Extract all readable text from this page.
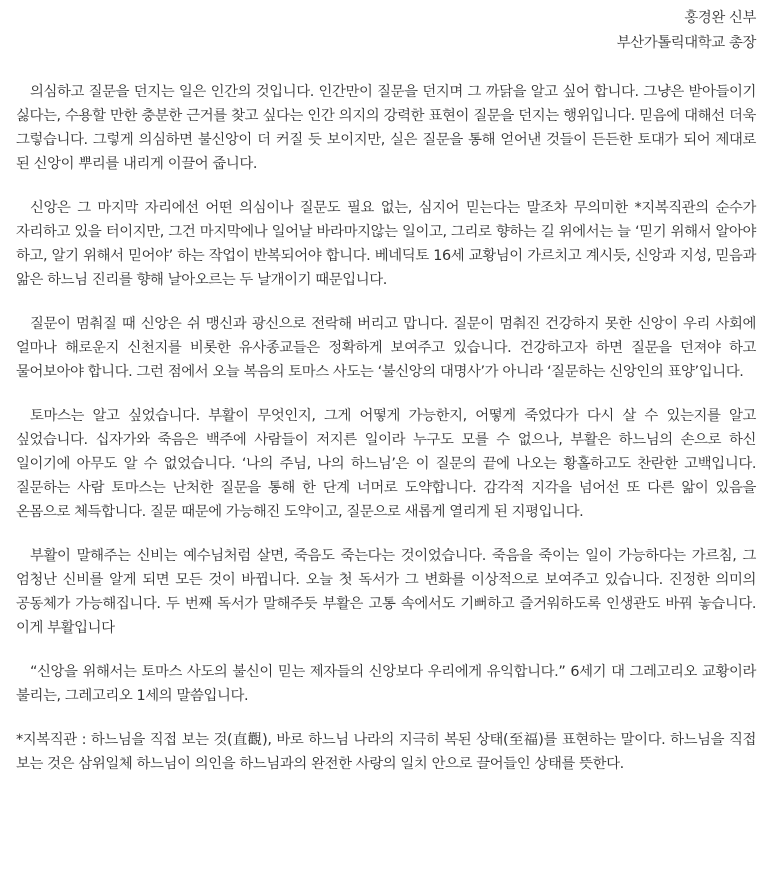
홍경완 신부
부산가톨릭대학교 총장

의심하고 질문을 던지는 일은 인간의 것입니다. 인간만이 질문을 던지며 그 까닭을 알고 싶어 합니다. 그냥은 받아들이기 싫다는, 수용할 만한 충분한 근거를 찾고 싶다는 인간 의지의 강력한 표현이 질문을 던지는 행위입니다. 믿음에 대해선 더욱 그렇습니다. 그렇게 의심하면 불신앙이 더 커질 듯 보이지만, 실은 질문을 통해 얻어낸 것들이 든든한 토대가 되어 제대로 된 신앙이 뿌리를 내리게 이끌어 줍니다.

신앙은 그 마지막 자리에선 어떤 의심이나 질문도 필요 없는, 심지어 믿는다는 말조차 무의미한 *지복직관의 순수가 자리하고 있을 터이지만, 그건 마지막에나 일어날 바라마지않는 일이고, 그리로 향하는 길 위에서는 늘 ‘믿기 위해서 알아야 하고, 알기 위해서 믿어야’ 하는 작업이 반복되어야 합니다. 베네딕토 16세 교황님이 가르치고 계시듯, 신앙과 지성, 믿음과 앎은 하느님 진리를 향해 날아오르는 두 날개이기 때문입니다.

질문이 멈춰질 때 신앙은 쉬 맹신과 광신으로 전락해 버리고 맙니다. 질문이 멈춰진 건강하지 못한 신앙이 우리 사회에 얼마나 해로운지 신천지를 비롯한 유사종교들은 정확하게 보여주고 있습니다. 건강하고자 하면 질문을 던져야 하고 물어보아야 합니다. 그런 점에서 오늘 복음의 토마스 사도는 ‘불신앙의 대명사’가 아니라 ‘질문하는 신앙인의 표양’입니다.

토마스는 알고 싶었습니다. 부활이 무엇인지, 그게 어떻게 가능한지, 어떻게 죽었다가 다시 살 수 있는지를 알고 싶었습니다. 십자가와 죽음은 백주에 사람들이 저지른 일이라 누구도 모를 수 없으나, 부활은 하느님의 손으로 하신 일이기에 아무도 알 수 없었습니다. ‘나의 주님, 나의 하느님’은 이 질문의 끝에 나오는 황홀하고도 찬란한 고백입니다. 질문하는 사람 토마스는 난처한 질문을 통해 한 단계 너머로 도약합니다. 감각적 지각을 넘어선 또 다른 앎이 있음을 온몸으로 체득합니다. 질문 때문에 가능해진 도약이고, 질문으로 새롭게 열리게 된 지평입니다.

부활이 말해주는 신비는 예수님처럼 살면, 죽음도 죽는다는 것이었습니다. 죽음을 죽이는 일이 가능하다는 가르침, 그 엄청난 신비를 알게 되면 모든 것이 바뀝니다. 오늘 첫 독서가 그 변화를 이상적으로 보여주고 있습니다. 진정한 의미의 공동체가 가능해집니다. 두 번째 독서가 말해주듯 부활은 고통 속에서도 기뻐하고 즐거워하도록 인생관도 바꿔 놓습니다. 이게 부활입니다

“신앙을 위해서는 토마스 사도의 불신이 믿는 제자들의 신앙보다 우리에게 유익합니다.” 6세기 대 그레고리오 교황이라 불리는, 그레고리오 1세의 말씀입니다.

*지복직관 : 하느님을 직접 보는 것(直觀), 바로 하느님 나라의 지극히 복된 상태(至福)를 표현하는 말이다. 하느님을 직접 보는 것은 삼위일체 하느님이 의인을 하느님과의 완전한 사랑의 일치 안으로 끌어들인 상태를 뜻한다.
